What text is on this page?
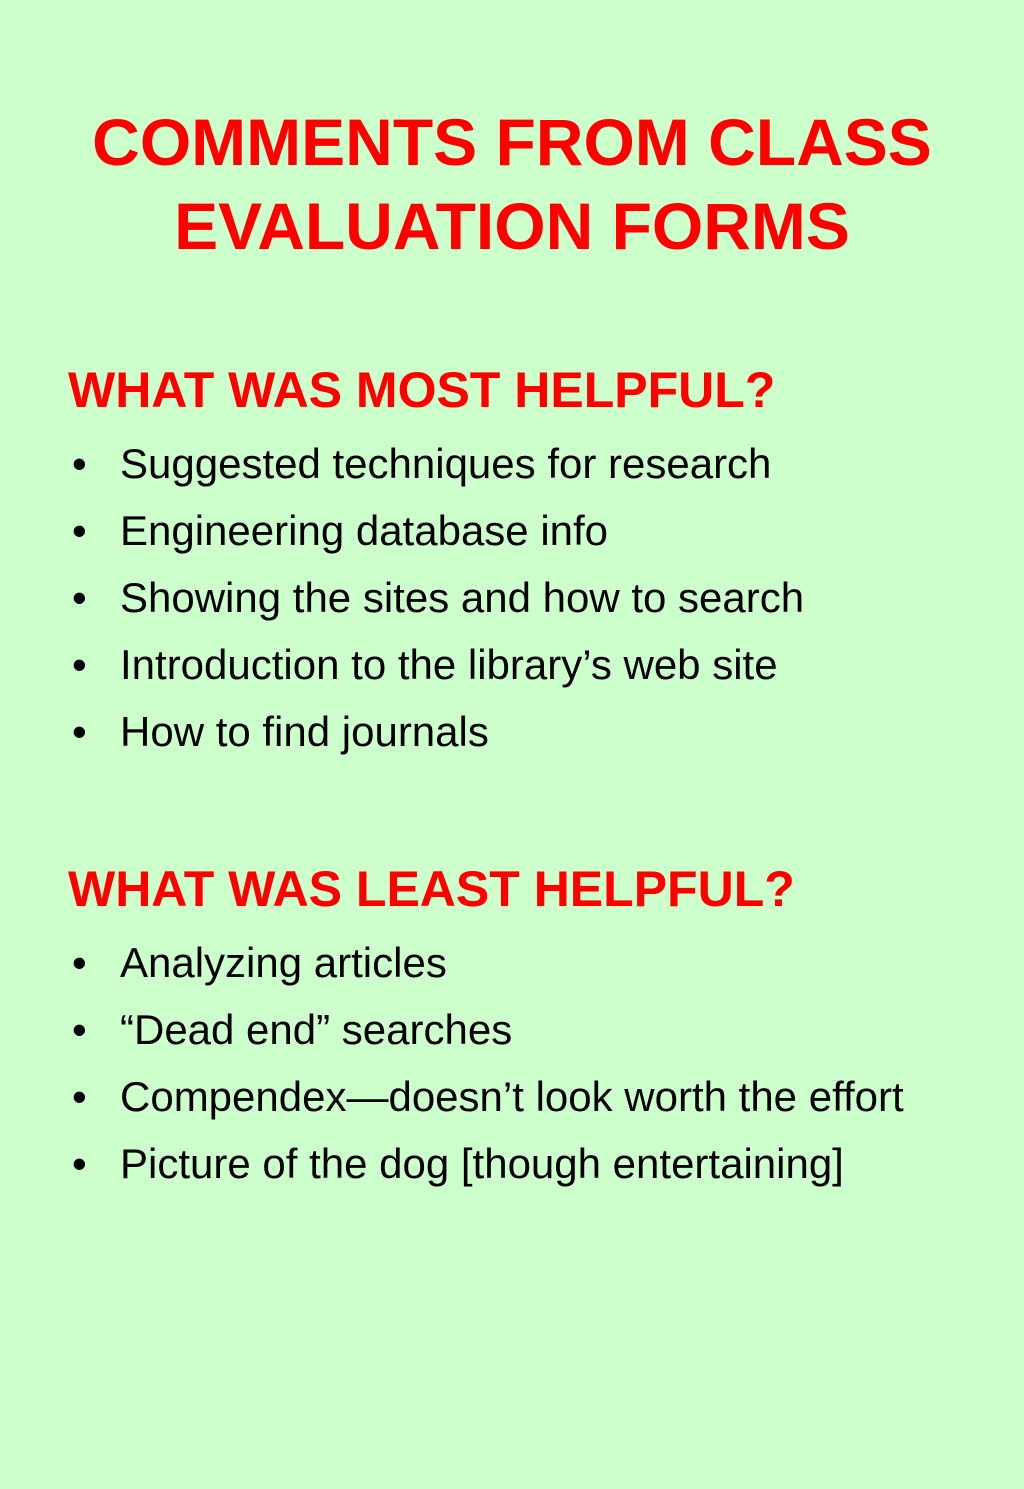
COMMENTS FROM CLASS
EVALUATION FORMS
WHAT WAS MOST HELPFUL?
• Suggested techniques for research
• Engineering database info
• Showing the sites and how to search
• Introduction to the library’s web site
• How to find journals
WHAT WAS LEAST HELPFUL?
• Analyzing articles
• “Dead end” searches
• Compendex—doesn’t look worth the effort
• Picture of the dog [though entertaining]
